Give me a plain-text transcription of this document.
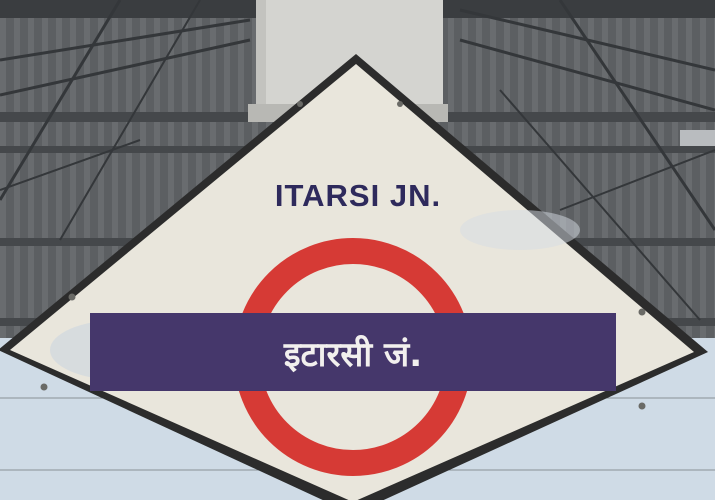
ITARSI JN.
इटारसी जं.
